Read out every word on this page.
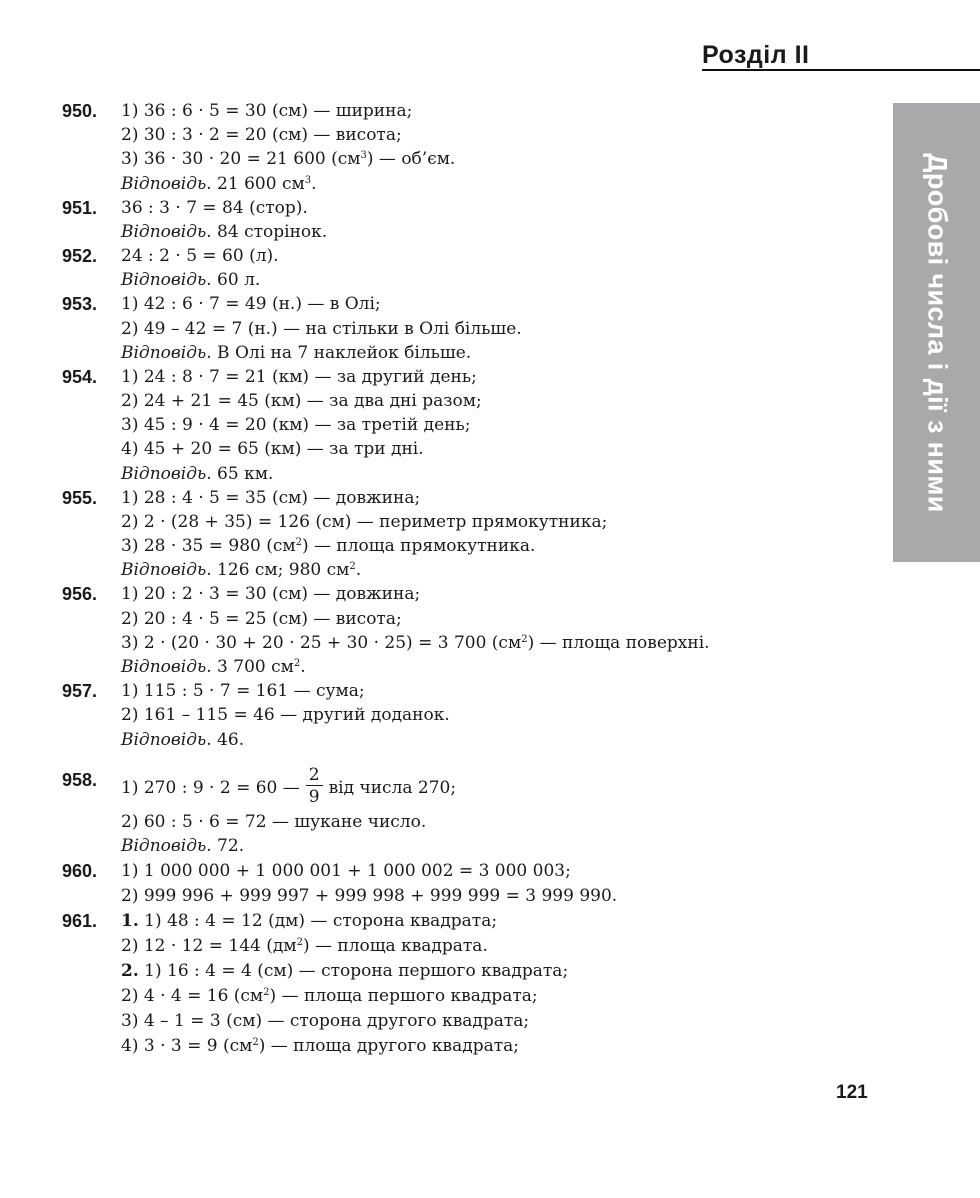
Розділ II
Дробові числа і дії з ними
950. 1) 36 : 6 · 5 = 30 (см) — ширина;
2) 30 : 3 · 2 = 20 (см) — висота;
3) 36 · 30 · 20 = 21 600 $(см^3)$ — об’єм.
Відповідь. 21 600 $см^3$.
951. 36 : 3 · 7 = 84 (стор).
Відповідь. 84 сторінок.
952. 24 : 2 · 5 = 60 (л).
Відповідь. 60 л.
953. 1) 42 : 6 · 7 = 49 (н.) — в Олі;
2) 49 – 42 = 7 (н.) — на стільки в Олі більше.
Відповідь. В Олі на 7 наклейок більше.
954. 1) 24 : 8 · 7 = 21 (км) — за другий день;
2) 24 + 21 = 45 (км) — за два дні разом;
3) 45 : 9 · 4 = 20 (км) — за третій день;
4) 45 + 20 = 65 (км) — за три дні.
Відповідь. 65 км.
955. 1) 28 : 4 · 5 = 35 (см) — довжина;
2) 2 · (28 + 35) = 126 (см) — периметр прямокутника;
3) 28 · 35 = 980 $(см^2)$ — площа прямокутника.
Відповідь. 126 см; 980 $см^2$.
956. 1) 20 : 2 · 3 = 30 (см) — довжина;
2) 20 : 4 · 5 = 25 (см) — висота;
3) 2 · (20 · 30 + 20 · 25 + 30 · 25) = 3 700 $(см^2)$ — площа поверхні.
Відповідь. 3 700 $см^2$.
957. 1) 115 : 5 · 7 = 161 — сума;
2) 161 – 115 = 46 — другий доданок.
Відповідь. 46.
958. 1) 270 : 9 · 2 = 60 — $\frac{2}{9}$ від числа 270;
2) 60 : 5 · 6 = 72 — шукане число.
Відповідь. 72.
960. 1) 1 000 000 + 1 000 001 + 1 000 002 = 3 000 003;
2) 999 996 + 999 997 + 999 998 + 999 999 = 3 999 990.
961. 1. 1) 48 : 4 = 12 (дм) — сторона квадрата;
2) 12 · 12 = 144 $(дм^2)$ — площа квадрата.
2. 1) 16 : 4 = 4 (см) — сторона першого квадрата;
2) 4 · 4 = 16 $(см^2)$ — площа першого квадрата;
3) 4 – 1 = 3 (см) — сторона другого квадрата;
4) 3 · 3 = 9 $(см^2)$ — площа другого квадрата;
121
